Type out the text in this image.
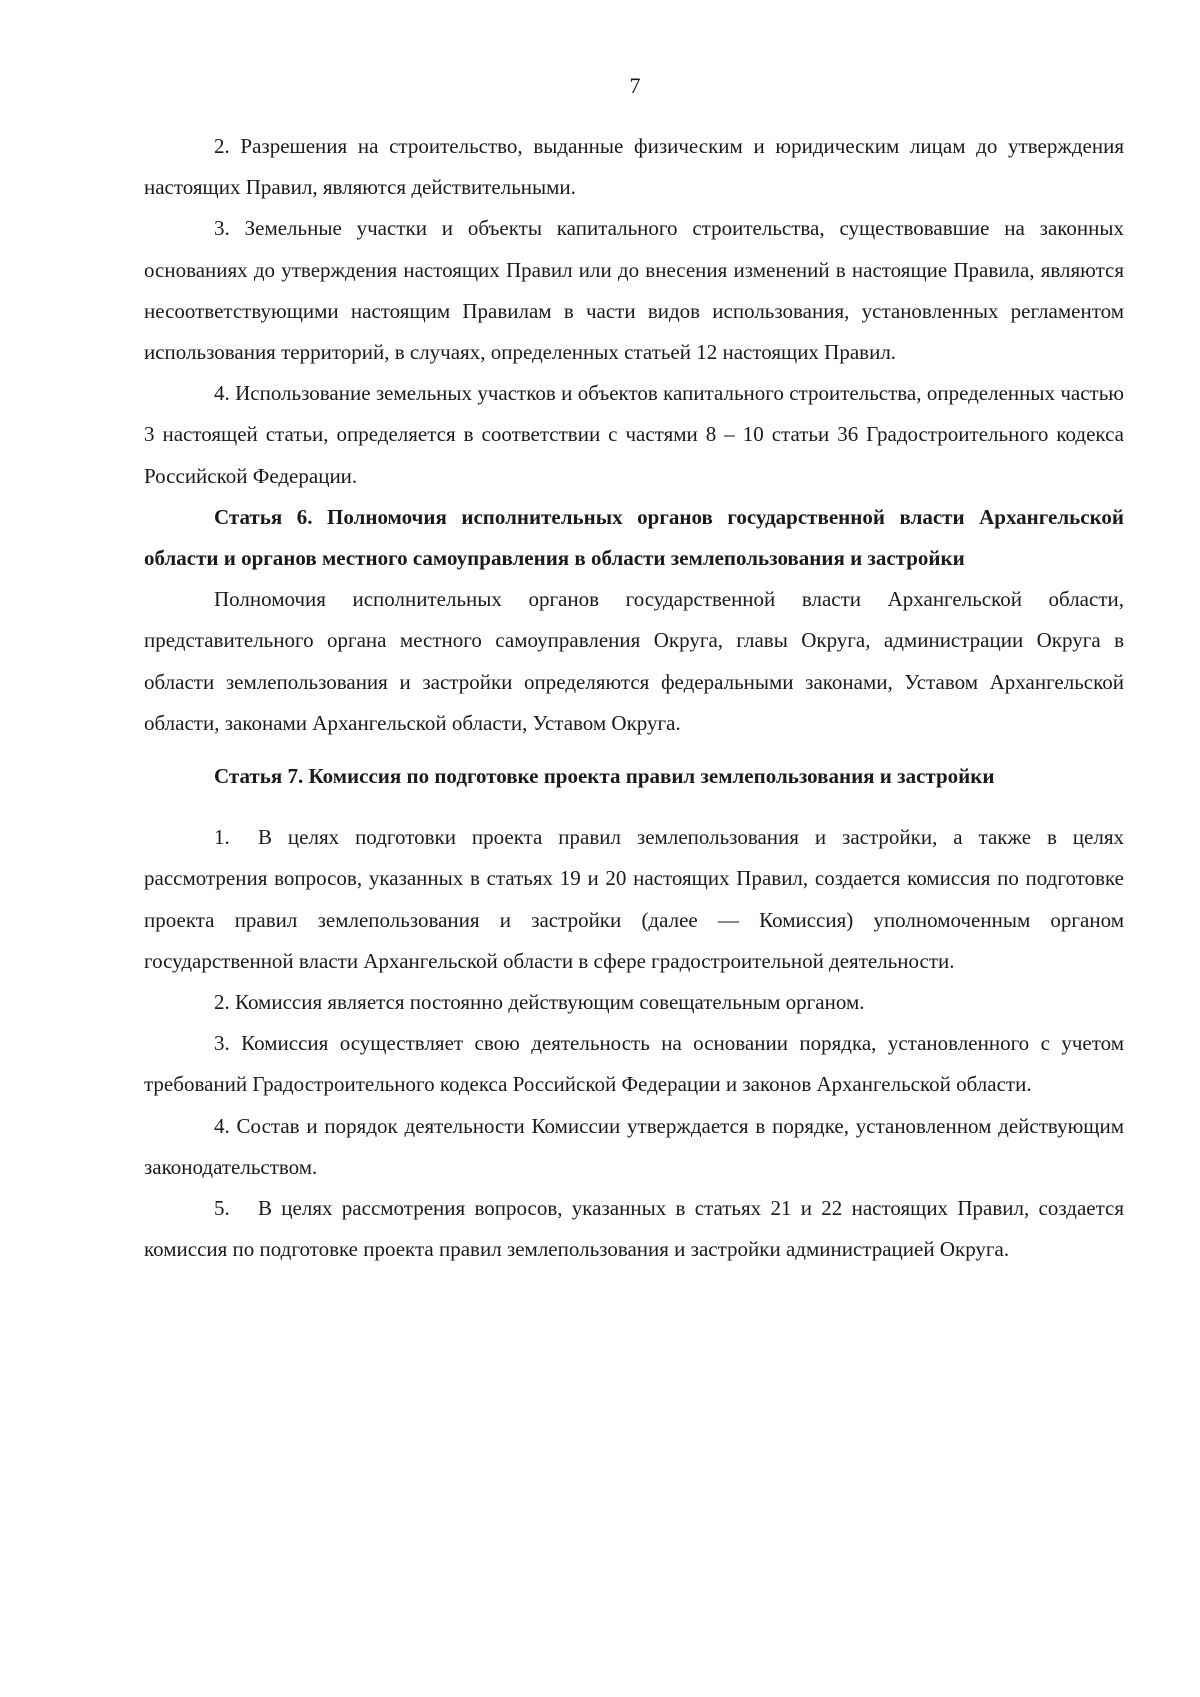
7

2. Разрешения на строительство, выданные физическим и юридическим лицам до утверждения настоящих Правил, являются действительными.

3. Земельные участки и объекты капитального строительства, существовавшие на законных основаниях до утверждения настоящих Правил или до внесения изменений в настоящие Правила, являются несоответствующими настоящим Правилам в части видов использования, установленных регламентом использования территорий, в случаях, определенных статьей 12 настоящих Правил.

4. Использование земельных участков и объектов капитального строительства, определенных частью 3 настоящей статьи, определяется в соответствии с частями 8 – 10 статьи 36 Градостроительного кодекса Российской Федерации.

Статья 6. Полномочия исполнительных органов государственной власти Архангельской области и органов местного самоуправления в области землепользования и застройки

Полномочия исполнительных органов государственной власти Архангельской области, представительного органа местного самоуправления Округа, главы Округа, администрации Округа в области землепользования и застройки определяются федеральными законами, Уставом Архангельской области, законами Архангельской области, Уставом Округа.

Статья 7. Комиссия по подготовке проекта правил землепользования и застройки

1. В целях подготовки проекта правил землепользования и застройки, а также в целях рассмотрения вопросов, указанных в статьях 19 и 20 настоящих Правил, создается комиссия по подготовке проекта правил землепользования и застройки (далее — Комиссия) уполномоченным органом государственной власти Архангельской области в сфере градостроительной деятельности.

2. Комиссия является постоянно действующим совещательным органом.

3. Комиссия осуществляет свою деятельность на основании порядка, установленного с учетом требований Градостроительного кодекса Российской Федерации и законов Архангельской области.

4. Состав и порядок деятельности Комиссии утверждается в порядке, установленном действующим законодательством.

5. В целях рассмотрения вопросов, указанных в статьях 21 и 22 настоящих Правил, создается комиссия по подготовке проекта правил землепользования и застройки администрацией Округа.
